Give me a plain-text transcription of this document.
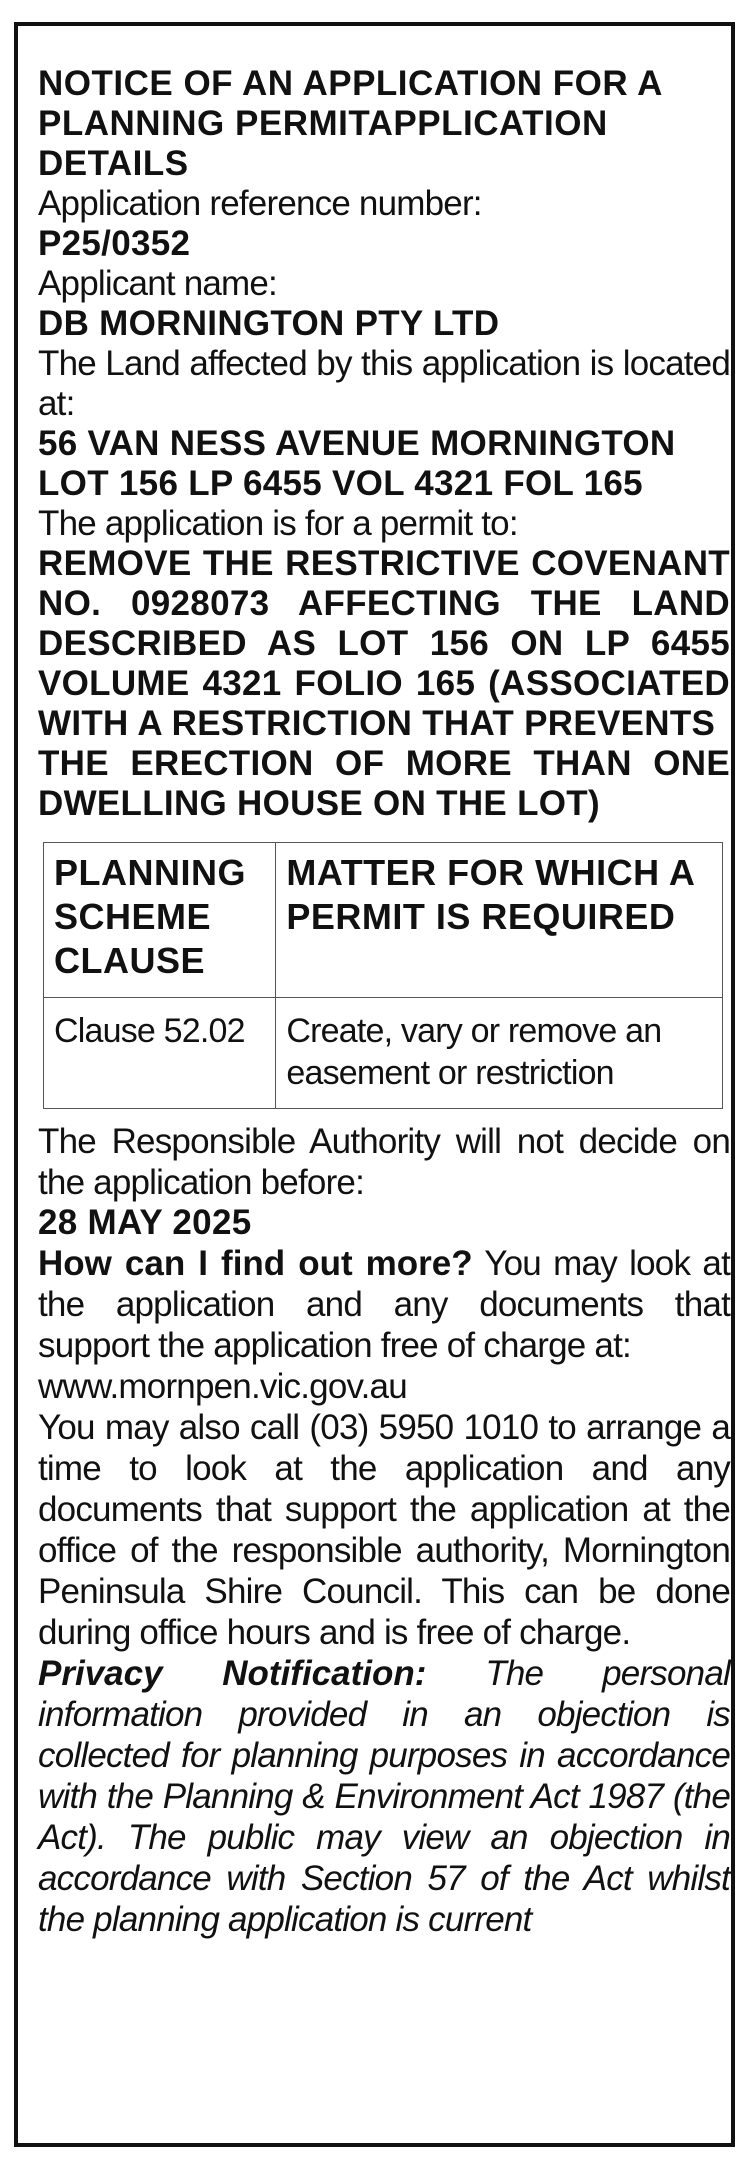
NOTICE OF AN APPLICATION FOR A PLANNING PERMITAPPLICATION DETAILS
Application reference number:
P25/0352
Applicant name:
DB MORNINGTON PTY LTD
The Land affected by this application is located at:
56 VAN NESS AVENUE MORNINGTON LOT 156 LP 6455 VOL 4321 FOL 165
The application is for a permit to:
REMOVE THE RESTRICTIVE COVENANT NO. 0928073 AFFECTING THE LAND DESCRIBED AS LOT 156 ON LP 6455 VOLUME 4321 FOLIO 165 (ASSOCIATED WITH A RESTRICTION THAT PREVENTS
THE ERECTION OF MORE THAN ONE DWELLING HOUSE ON THE LOT)
PLANNING SCHEME CLAUSE	MATTER FOR WHICH A PERMIT IS REQUIRED
Clause 52.02	Create, vary or remove an easement or restriction
The Responsible Authority will not decide on the application before:
28 MAY 2025
How can I find out more? You may look at the application and any documents that support the application free of charge at:
www.mornpen.vic.gov.au
You may also call (03) 5950 1010 to arrange a time to look at the application and any documents that support the application at the office of the responsible authority, Mornington Peninsula Shire Council. This can be done during office hours and is free of charge.
Privacy Notification: The personal information provided in an objection is collected for planning purposes in accordance with the Planning & Environment Act 1987 (the Act). The public may view an objection in accordance with Section 57 of the Act whilst the planning application is current
